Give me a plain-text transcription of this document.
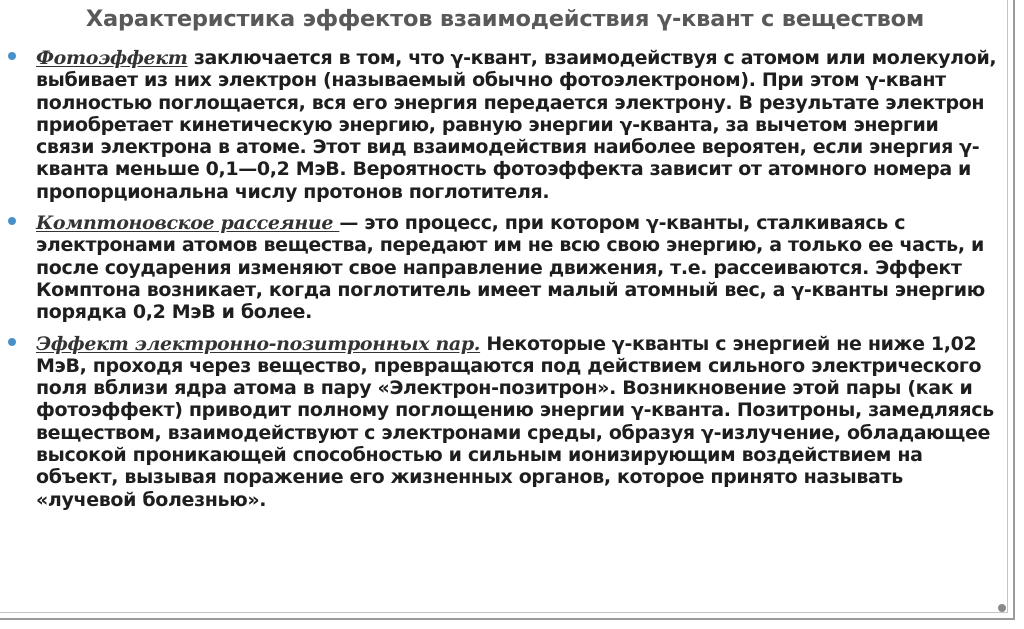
Характеристика эффектов взаимодействия γ-квант с веществом

Фотоэффект заключается в том, что γ-квант, взаимодействуя с атомом или молекулой, выбивает из них электрон (называемый обычно фотоэлектроном). При этом γ-квант полностью поглощается, вся его энергия передается электрону. В результате электрон приобретает кинетическую энергию, равную энергии γ-кванта, за вычетом энергии связи электрона в атоме. Этот вид взаимодействия наиболее вероятен, если энергия γ-кванта меньше 0,1—0,2 МэВ. Вероятность фотоэффекта зависит от атомного номера и пропорциональна числу протонов поглотителя.

Комптоновское рассеяние — это процесс, при котором γ-кванты, сталкиваясь с электронами атомов вещества, передают им не всю свою энергию, а только ее часть, и после соударения изменяют свое направление движения, т.е. рассеиваются. Эффект Комптона возникает, когда поглотитель имеет малый атомный вес, а γ-кванты энергию порядка 0,2 МэВ и более.

Эффект электронно-позитронных пар. Некоторые γ-кванты с энергией не ниже 1,02 МэВ, проходя через вещество, превращаются под действием сильного электрического поля вблизи ядра атома в пару «Электрон-позитрон». Возникновение этой пары (как и фотоэффект) приводит полному поглощению энергии γ-кванта. Позитроны, замедляясь веществом, взаимодействуют с электронами среды, образуя γ-излучение, обладающее высокой проникающей способностью и сильным ионизирующим воздействием на объект, вызывая поражение его жизненных органов, которое принято называть «лучевой болезнью».
